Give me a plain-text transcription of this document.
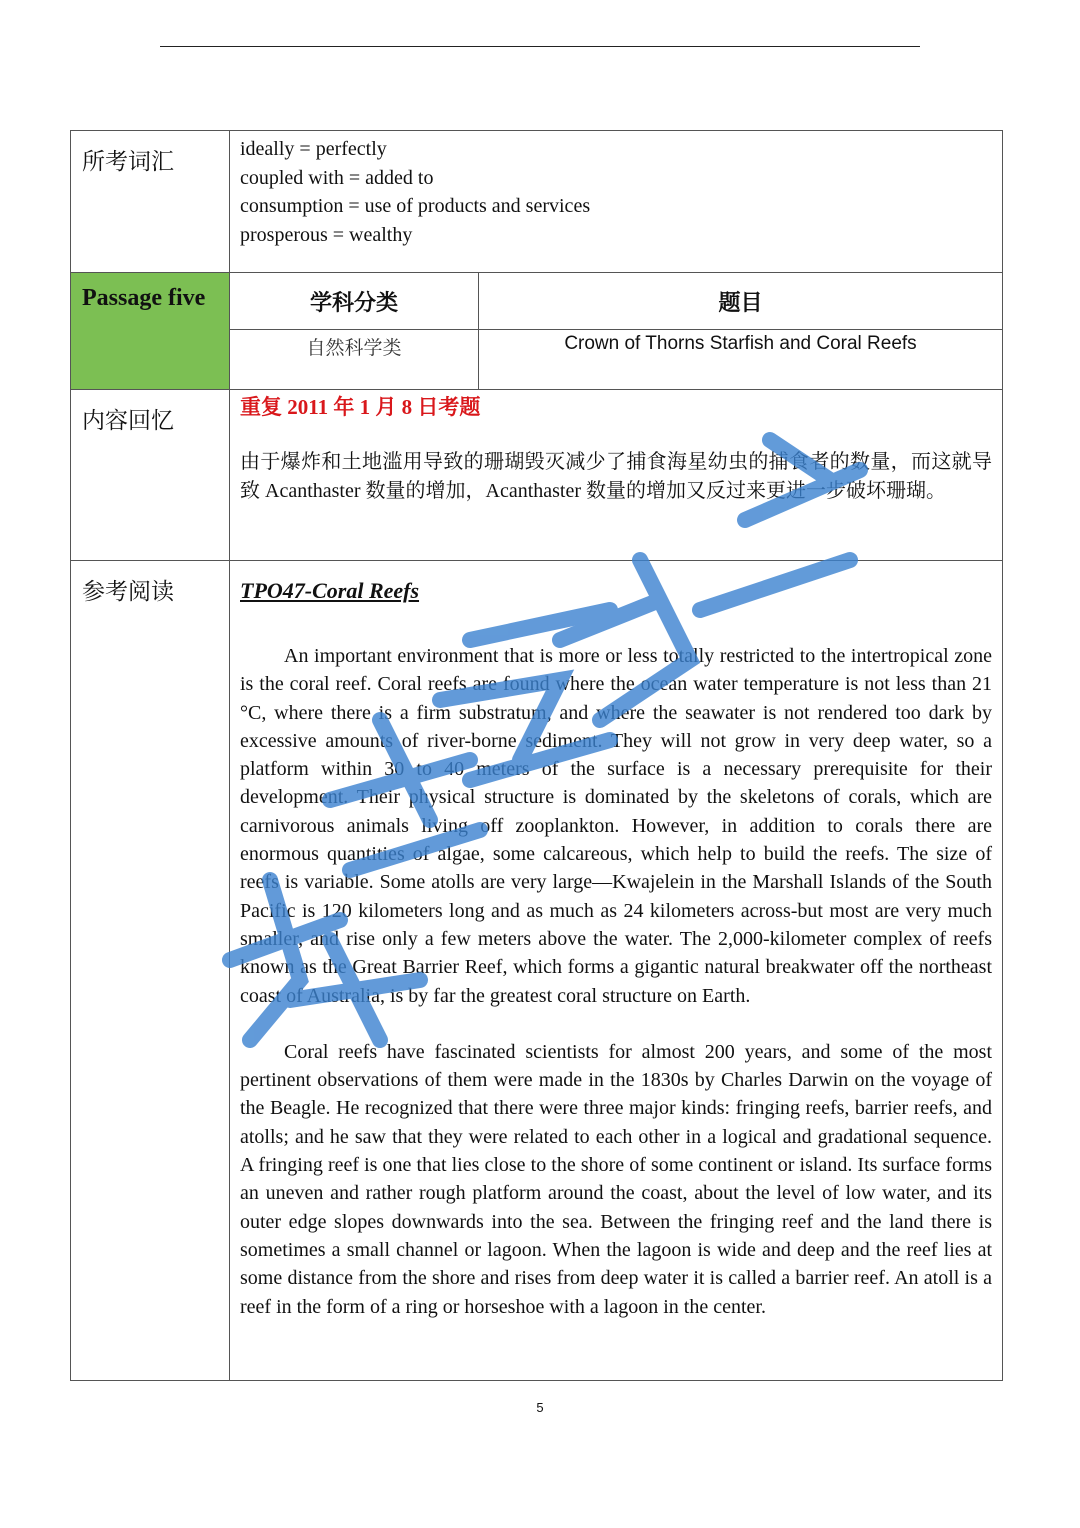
所考词汇	ideally = perfectly
coupled with = added to
consumption = use of products and services
prosperous = wealthy

Passage five		学科分类	题目
自然科学类	Crown of Thorns Starfish and Coral Reefs

内容回忆	
重复 2011 年 1 月 8 日考题
由于爆炸和土地滥用导致的珊瑚毁灭减少了捕食海星幼虫的捕食者的数量，而这就导致 Acanthaster 数量的增加，Acanthaster 数量的增加又反过来更进一步破坏珊瑚。

参考阅读	TPO47-Coral Reefs

An important environment that is more or less totally restricted to the intertropical zone is the coral reef. Coral reefs are found where the ocean water temperature is not less than 21 °C, where there is a firm substratum, and where the seawater is not rendered too dark by excessive amounts of river-borne sediment. They will not grow in very deep water, so a platform within 30 to 40 meters of the surface is a necessary prerequisite for their development. Their physical structure is dominated by the skeletons of corals, which are carnivorous animals living off zooplankton. However, in addition to corals there are enormous quantities of algae, some calcareous, which help to build the reefs. The size of reefs is variable. Some atolls are very large—Kwajelein in the Marshall Islands of the South Pacific is 120 kilometers long and as much as 24 kilometers across-but most are very much smaller, and rise only a few meters above the water. The 2,000-kilometer complex of reefs known as the Great Barrier Reef, which forms a gigantic natural breakwater off the northeast coast of Australia, is by far the greatest coral structure on Earth.

Coral reefs have fascinated scientists for almost 200 years, and some of the most pertinent observations of them were made in the 1830s by Charles Darwin on the voyage of the Beagle. He recognized that there were three major kinds: fringing reefs, barrier reefs, and atolls; and he saw that they were related to each other in a logical and gradational sequence. A fringing reef is one that lies close to the shore of some continent or island. Its surface forms an uneven and rather rough platform around the coast, about the level of low water, and its outer edge slopes downwards into the sea. Between the fringing reef and the land there is sometimes a small channel or lagoon. When the lagoon is wide and deep and the reef lies at some distance from the shore and rises from deep water it is called a barrier reef. An atoll is a reef in the form of a ring or horseshoe with a lagoon in the center.

5
